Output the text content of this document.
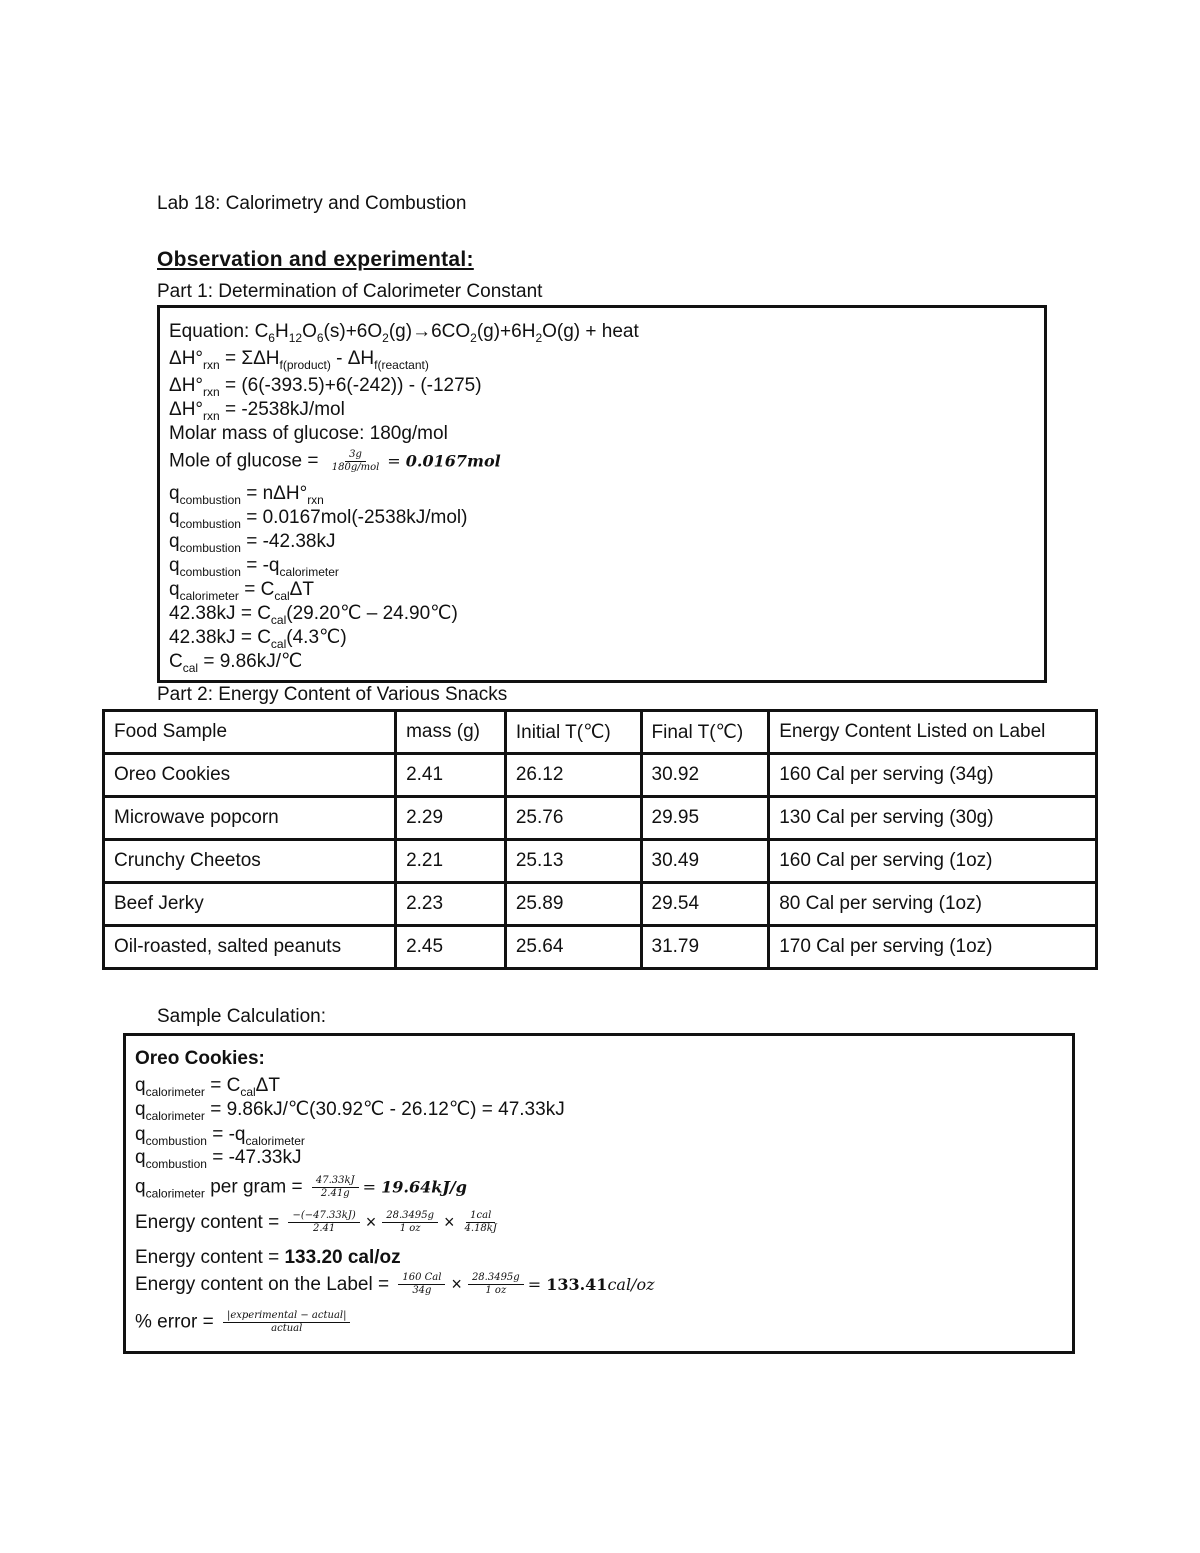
Lab 18: Calorimetry and Combustion
Observation and experimental:
Part 1: Determination of Calorimeter Constant
Equation: $C_6H_{12}O_6(s)+6O_2(g)\to 6CO_2(g)+6H_2O(g)$ + heat
$\Delta H^\circ_{rxn} = \Sigma\Delta H_{f(product)} - \Delta H_{f(reactant)}$
$\Delta H^\circ_{rxn} = (6(-393.5)+6(-242)) - (-1275)$
$\Delta H^\circ_{rxn} = -2538kJ/mol$
Molar mass of glucose: 180g/mol
Mole of $glucose = \frac{3g}{\text{180g/mol}} = 0.0167mol$
$q_{combustion} = n\Delta H^\circ_{rxn}$
$q_{combustion} = 0.0167mol(-2538kJ/mol)$
$q_{combustion} = -42.38kJ$
$q_{combustion} = -q_{calorimeter}$
$q_{calorimeter} = C_{cal}\Delta T$
$42.38kJ = C_{cal}(29.20℃$ – 24.90℃)
$42.38kJ = C_{cal}(4.3℃)$
$C_{cal}$ = 9.86kJ/℃
Part 2: Energy Content of Various Snacks
Food Sample	mass (g)	Initial T(℃)	Final T(℃)	Energy Content Listed on Label
Oreo Cookies	2.41	26.12	30.92	160 Cal per serving (34g)
Microwave popcorn	2.29	25.76	29.95	130 Cal per serving (30g)
Crunchy Cheetos	2.21	25.13	30.49	160 Cal per serving (1oz)
Beef Jerky	2.23	25.89	29.54	80 Cal per serving (1oz)
Oil-roasted, salted peanuts	2.45	25.64	31.79	170 Cal per serving (1oz)
Sample Calculation:
Oreo Cookies:
$q_{calorimeter} = C_{cal}\Delta T$
$q_{calorimeter}$ = 9.86kJ/℃(30.92℃ - 26.12℃) = 47.33kJ
$q_{combustion} = -q_{calorimeter}$
$q_{combustion} = -47.33kJ$
$q_{calorimeter}$ per gram = $\frac{47.33kJ}{2.41g} = 19.64kJ/g$
Energy content = $\frac{-(-47.33kJ)}{2.41} \times \frac{28.3495g}{1 oz} \times \frac{\text{1cal}}{4.18kJ}$
Energy content = 133.20 cal/oz
Energy content on the Label = $\frac{\text{160 Cal}}{34g} \times \frac{28.3495g}{1 oz} = 133.41cal/oz$
% error = $\frac{\text{|experimental − actual|}}{\text{actual}}$
